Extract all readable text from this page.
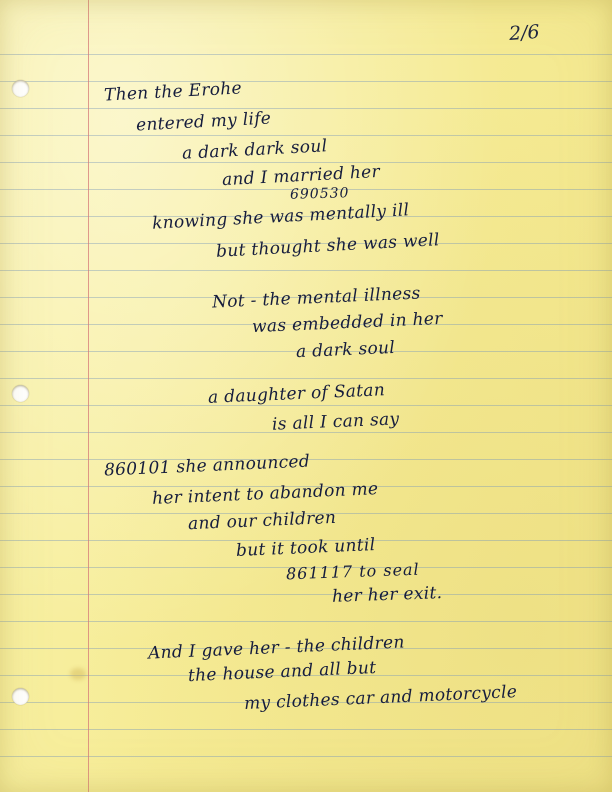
2/6
Then the Erohe
entered my life
a dark dark soul
and I married her
690530
knowing she was mentally ill
but thought she was well
Not - the mental illness
was embedded in her
a dark soul
a daughter of Satan
is all I can say
860101 she announced
her intent to abandon me
and our children
but it took until
861117 to seal
her her exit.
And I gave her - the children
the house and all but
my clothes car and motorcycle
